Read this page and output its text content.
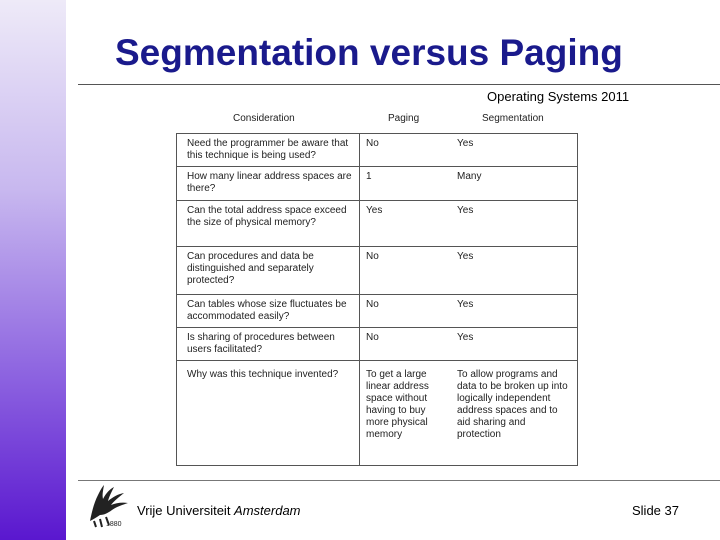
Segmentation versus Paging
Operating Systems 2011
Consideration	Paging	Segmentation
Need the programmer be aware that this technique is being used?	No	Yes
How many linear address spaces are there?	1	Many
Can the total address space exceed the size of physical memory?	Yes	Yes
Can procedures and data be distinguished and separately protected?	No	Yes
Can tables whose size fluctuates be accommodated easily?	No	Yes
Is sharing of procedures between users facilitated?	No	Yes
Why was this technique invented?	To get a large linear address space without having to buy more physical memory	To allow programs and data to be broken up into logically independent address spaces and to aid sharing and protection
1880
Vrije Universiteit Amsterdam	Slide 37
